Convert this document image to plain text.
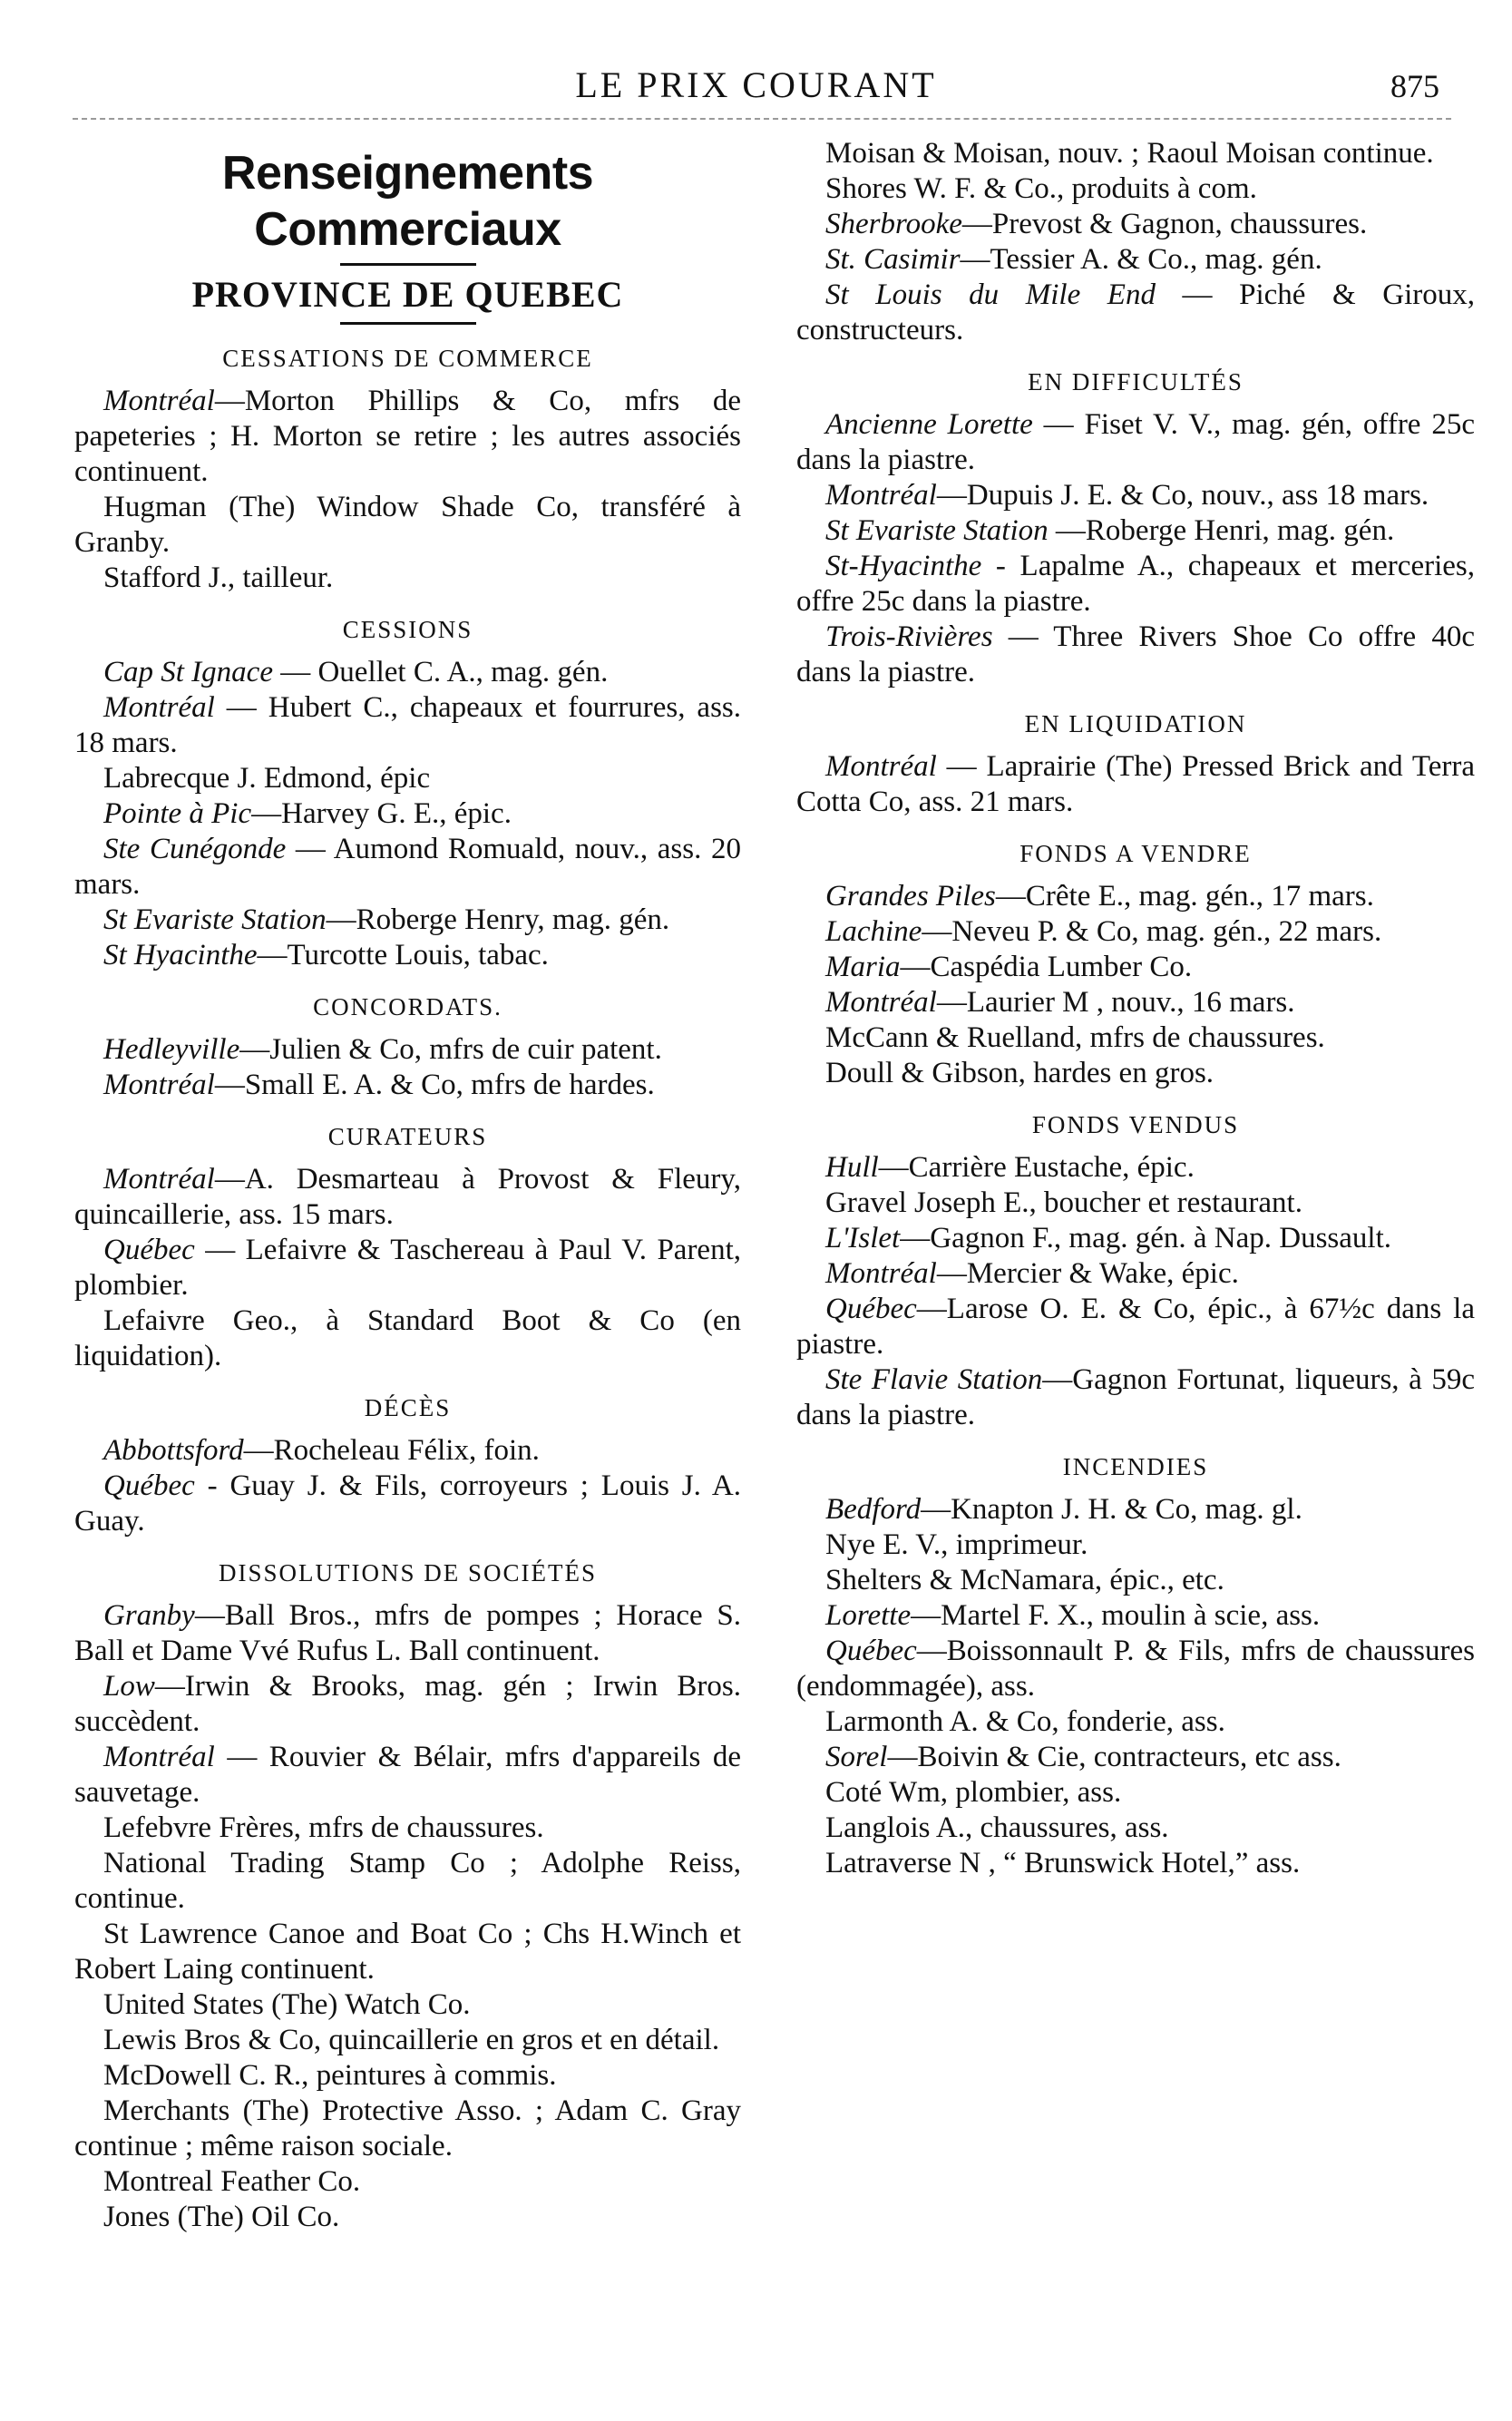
LE PRIX COURANT	875
Renseignements Commerciaux
PROVINCE DE QUEBEC
CESSATIONS DE COMMERCE
Montréal—Morton Phillips & Co, mfrs de papeteries ; H. Morton se retire ; les autres associés continuent.
Hugman (The) Window Shade Co, transféré à Granby.
Stafford J., tailleur.
CESSIONS
Cap St Ignace — Ouellet C. A., mag. gén.
Montréal — Hubert C., chapeaux et fourrures, ass. 18 mars.
Labrecque J. Edmond, épic
Pointe à Pic—Harvey G. E., épic.
Ste Cunégonde — Aumond Romuald, nouv., ass. 20 mars.
St Evariste Station—Roberge Henry, mag. gén.
St Hyacinthe—Turcotte Louis, tabac.
CONCORDATS.
Hedleyville—Julien & Co, mfrs de cuir patent.
Montréal—Small E. A. & Co, mfrs de hardes.
CURATEURS
Montréal—A. Desmarteau à Provost & Fleury, quincaillerie, ass. 15 mars.
Québec — Lefaivre & Taschereau à Paul V. Parent, plombier.
Lefaivre Geo., à Standard Boot & Co (en liquidation).
DÉCÈS
Abbottsford—Rocheleau Félix, foin.
Québec - Guay J. & Fils, corroyeurs ; Louis J. A. Guay.
DISSOLUTIONS DE SOCIÉTÉS
Granby—Ball Bros., mfrs de pompes ; Horace S. Ball et Dame Vvé Rufus L. Ball continuent.
Low—Irwin & Brooks, mag. gén ; Irwin Bros. succèdent.
Montréal — Rouvier & Bélair, mfrs d'appareils de sauvetage.
Lefebvre Frères, mfrs de chaussures.
National Trading Stamp Co ; Adolphe Reiss, continue.
St Lawrence Canoe and Boat Co ; Chs H.Winch et Robert Laing continuent.
United States (The) Watch Co.
Lewis Bros & Co, quincaillerie en gros et en détail.
McDowell C. R., peintures à commis.
Merchants (The) Protective Asso. ; Adam C. Gray continue ; même raison sociale.
Montreal Feather Co.
Jones (The) Oil Co.
Moisan & Moisan, nouv. ; Raoul Moisan continue.
Shores W. F. & Co., produits à com.
Sherbrooke—Prevost & Gagnon, chaussures.
St. Casimir—Tessier A. & Co., mag. gén.
St Louis du Mile End — Piché & Giroux, constructeurs.
EN DIFFICULTÉS
Ancienne Lorette — Fiset V. V., mag. gén, offre 25c dans la piastre.
Montréal—Dupuis J. E. & Co, nouv., ass 18 mars.
St Evariste Station —Roberge Henri, mag. gén.
St-Hyacinthe - Lapalme A., chapeaux et merceries, offre 25c dans la piastre.
Trois-Rivières — Three Rivers Shoe Co offre 40c dans la piastre.
EN LIQUIDATION
Montréal — Laprairie (The) Pressed Brick and Terra Cotta Co, ass. 21 mars.
FONDS A VENDRE
Grandes Piles—Crête E., mag. gén., 17 mars.
Lachine—Neveu P. & Co, mag. gén., 22 mars.
Maria—Caspédia Lumber Co.
Montréal—Laurier M , nouv., 16 mars.
McCann & Ruelland, mfrs de chaussures.
Doull & Gibson, hardes en gros.
FONDS VENDUS
Hull—Carrière Eustache, épic.
Gravel Joseph E., boucher et restaurant.
L'Islet—Gagnon F., mag. gén. à Nap. Dussault.
Montréal—Mercier & Wake, épic.
Québec—Larose O. E. & Co, épic., à 67½c dans la piastre.
Ste Flavie Station—Gagnon Fortunat, liqueurs, à 59c dans la piastre.
INCENDIES
Bedford—Knapton J. H. & Co, mag. gl.
Nye E. V., imprimeur.
Shelters & McNamara, épic., etc.
Lorette—Martel F. X., moulin à scie, ass.
Québec—Boissonnault P. & Fils, mfrs de chaussures (endommagée), ass.
Larmonth A. & Co, fonderie, ass.
Sorel—Boivin & Cie, contracteurs, etc ass.
Coté Wm, plombier, ass.
Langlois A., chaussures, ass.
Latraverse N , “ Brunswick Hotel,” ass.
